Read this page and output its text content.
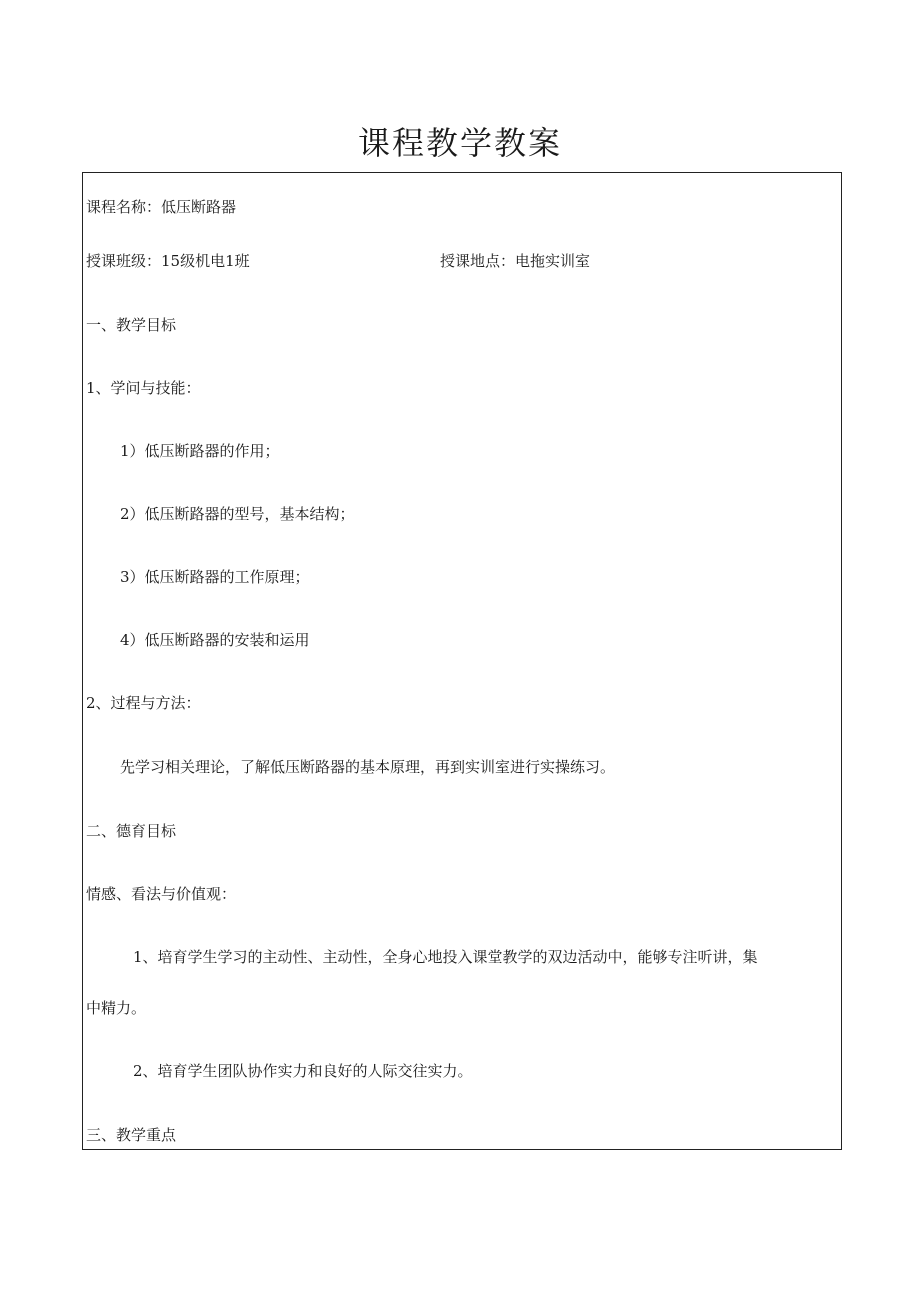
课程教学教案
课程名称：低压断路器
授课班级：15级机电1班	授课地点：电拖实训室
一、教学目标
1、学问与技能：
1）低压断路器的作用；
2）低压断路器的型号，基本结构；
3）低压断路器的工作原理；
4）低压断路器的安装和运用
2、过程与方法：
先学习相关理论，了解低压断路器的基本原理，再到实训室进行实操练习。
二、德育目标
情感、看法与价值观：
1、培育学生学习的主动性、主动性，全身心地投入课堂教学的双边活动中，能够专注听讲，集
中精力。
2、培育学生团队协作实力和良好的人际交往实力。
三、教学重点
